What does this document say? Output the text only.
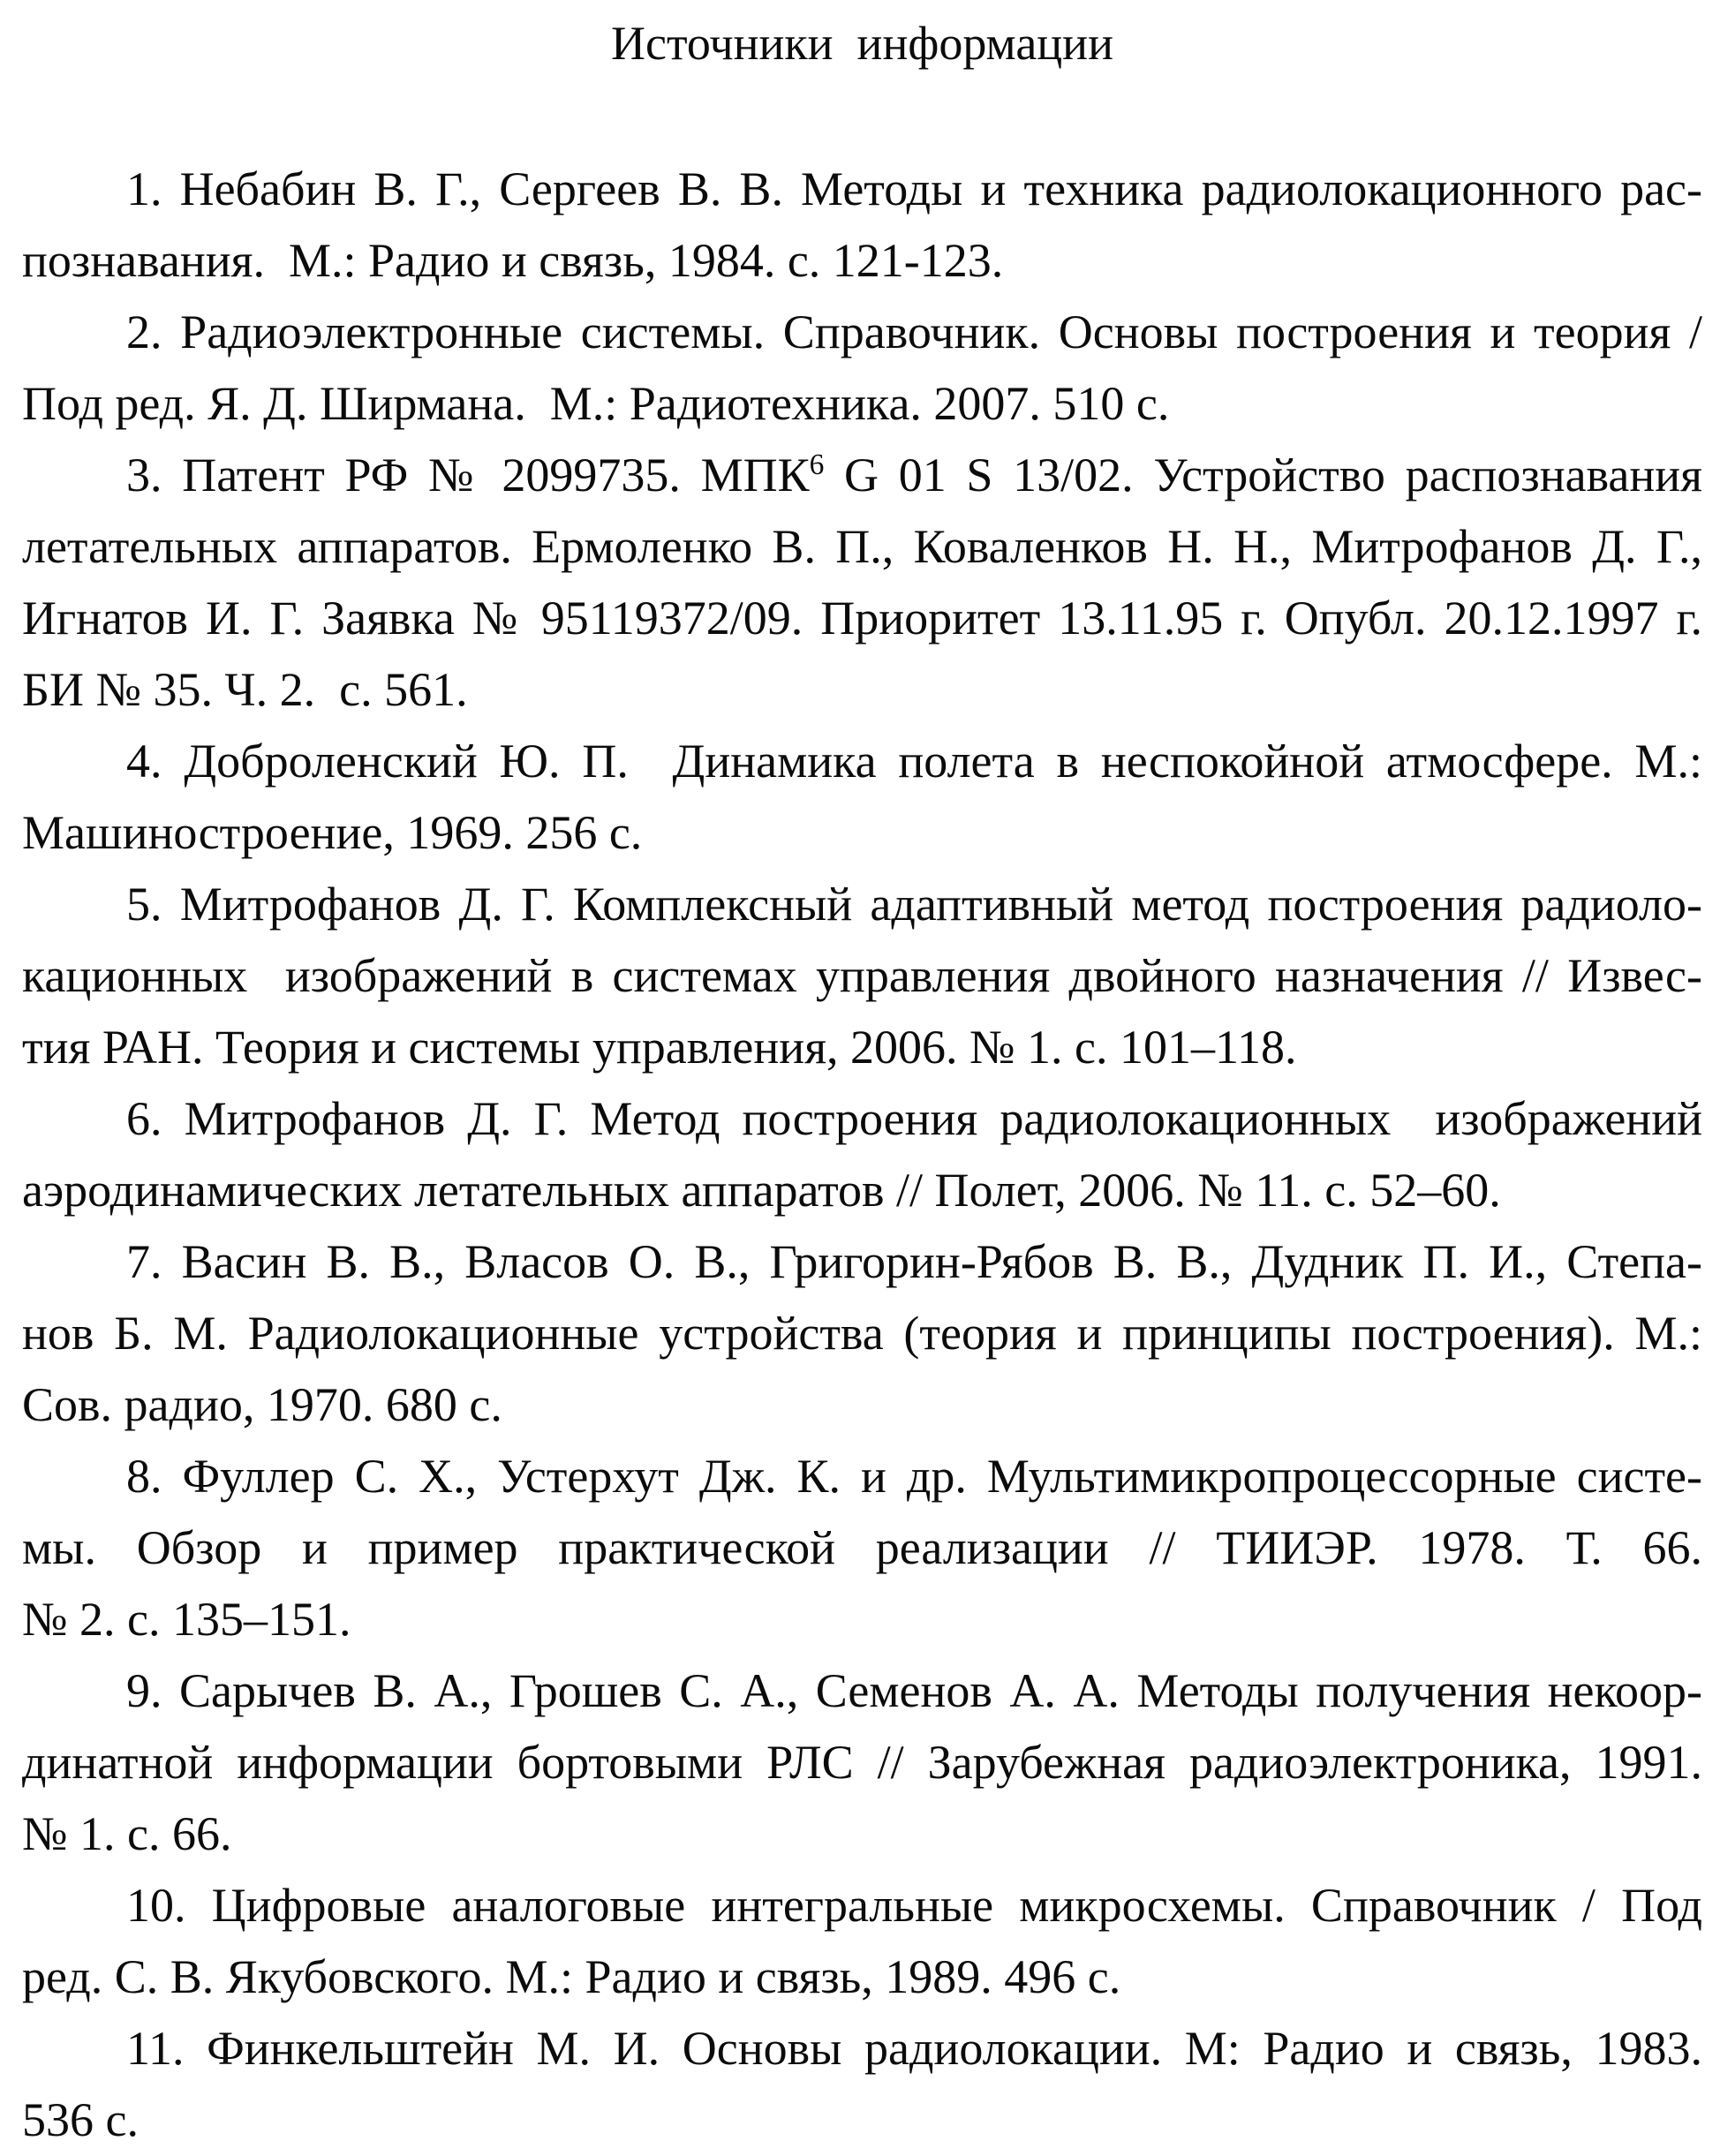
Источники  информации
1. Небабин В. Г., Сергеев В. В. Методы и техника радиолокационного рас-
познавания.  М.: Радио и связь, 1984. с. 121-123.
2. Радиоэлектронные системы. Справочник. Основы построения и теория /
Под ред. Я. Д. Ширмана.  М.: Радиотехника. 2007. 510 с.
3. Патент РФ № 2099735. МПК$^6$ G 01 S 13/02. Устройство распознавания
летательных аппаратов. Ермоленко В. П., Коваленков Н. Н., Митрофанов Д. Г.,
Игнатов И. Г. Заявка № 95119372/09. Приоритет 13.11.95 г. Опубл. 20.12.1997 г.
БИ № 35. Ч. 2.  с. 561.
4. Доброленский Ю. П.  Динамика полета в неспокойной атмосфере. М.:
Машиностроение, 1969. 256 с.
5. Митрофанов Д. Г. Комплексный адаптивный метод построения радиоло-
кационных  изображений в системах управления двойного назначения // Извес-
тия РАН. Теория и системы управления, 2006. № 1. с. 101–118.
6. Митрофанов Д. Г. Метод построения радиолокационных  изображений
аэродинамических летательных аппаратов // Полет, 2006. № 11. с. 52–60.
7. Васин В. В., Власов О. В., Григорин-Рябов В. В., Дудник П. И., Степа-
нов Б. М. Радиолокационные устройства (теория и принципы построения). М.:
Сов. радио, 1970. 680 с.
8. Фуллер С. Х., Устерхут Дж. К. и др. Мультимикропроцессорные систе-
мы. Обзор и пример практической реализации // ТИИЭР. 1978. Т. 66.
№ 2. с. 135–151.
9. Сарычев В. А., Грошев С. А., Семенов А. А. Методы получения некоор-
динатной информации бортовыми РЛС // Зарубежная радиоэлектроника, 1991.
№ 1. с. 66.
10. Цифровые аналоговые интегральные микросхемы. Справочник / Под
ред. С. В. Якубовского. М.: Радио и связь, 1989. 496 с.
11. Финкельштейн М. И. Основы радиолокации. М: Радио и связь, 1983.
536 с.
